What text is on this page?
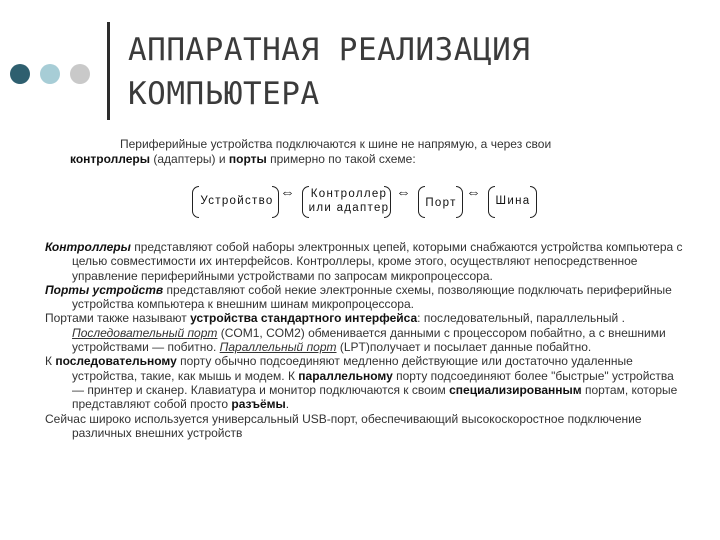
АППАРАТНАЯ РЕАЛИЗАЦИЯ
КОМПЬЮТЕРА
Периферийные устройства подключаются к шине не напрямую, а через свои
контроллеры (адаптеры) и порты примерно по такой схеме:
Устройство ⇔	Контроллер
или адаптер
⇔
Порт
⇔	Шина

Контроллеры представляют собой наборы электронных цепей, которыми снабжаются устройства компьютера с целью совместимости их интерфейсов. Контроллеры, кроме этого, осуществляют непосредственное управление периферийными устройствами по запросам микропроцессора.

Порты устройств представляют собой некие электронные схемы, позволяющие подключать периферийные устройства компьютера к внешним шинам микропроцессора.

Портами также называют устройства стандартного интерфейса: последовательный, параллельный . Последовательный порт (COM1, COM2) обменивается данными с процессором побайтно, а с внешними устройствами — побитно. Параллельный порт (LPT)получает и посылает данные побайтно.

К последовательному порту обычно подсоединяют медленно действующие или достаточно удаленные устройства, такие, как мышь и модем. К параллельному порту подсоединяют более "быстрые" устройства — принтер и сканер. Клавиатура и монитор подключаются к своим специализированным портам, которые представляют собой просто разъёмы.

Сейчас широко используется универсальный USB-порт, обеспечивающий высокоскоростное подключение различных внешних устройств
